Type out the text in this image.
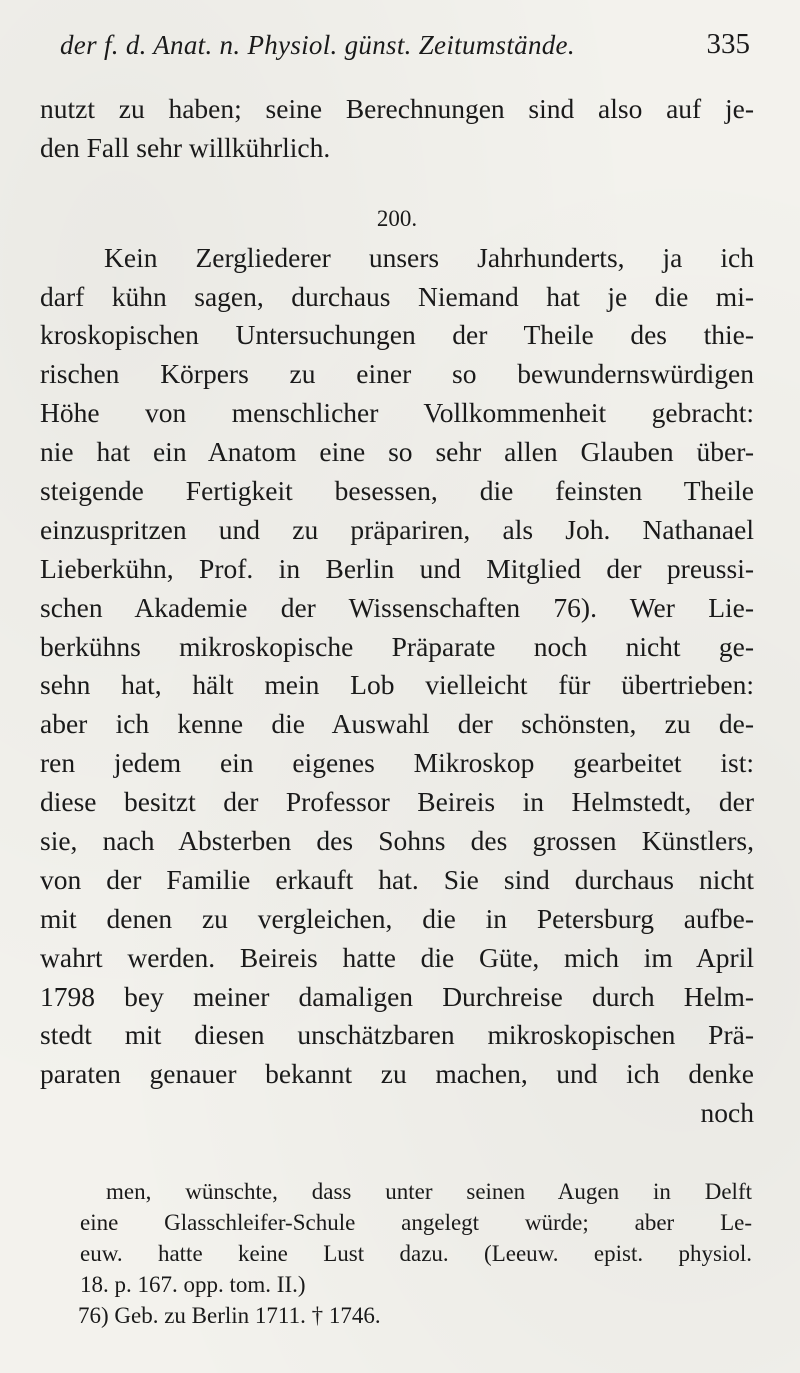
der f. d. Anat. n. Physiol. günst. Zeitumstände.	335
nutzt zu haben; seine Berechnungen sind also auf je-
den Fall sehr willkührlich.
200.
Kein Zergliederer unsers Jahrhunderts, ja ich
darf kühn sagen, durchaus Niemand hat je die mi-
kroskopischen Untersuchungen der Theile des thie-
rischen Körpers zu einer so bewundernswürdigen
Höhe von menschlicher Vollkommenheit gebracht:
nie hat ein Anatom eine so sehr allen Glauben über-
steigende Fertigkeit besessen, die feinsten Theile
einzuspritzen und zu präpariren, als Joh. Nathanael
Lieberkühn, Prof. in Berlin und Mitglied der preussi-
schen Akademie der Wissenschaften 76). Wer Lie-
berkühns mikroskopische Präparate noch nicht ge-
sehn hat, hält mein Lob vielleicht für übertrieben:
aber ich kenne die Auswahl der schönsten, zu de-
ren jedem ein eigenes Mikroskop gearbeitet ist:
diese besitzt der Professor Beireis in Helmstedt, der
sie, nach Absterben des Sohns des grossen Künstlers,
von der Familie erkauft hat. Sie sind durchaus nicht
mit denen zu vergleichen, die in Petersburg aufbe-
wahrt werden. Beireis hatte die Güte, mich im April
1798 bey meiner damaligen Durchreise durch Helm-
stedt mit diesen unschätzbaren mikroskopischen Prä-
paraten genauer bekannt zu machen, und ich denke
noch
men, wünschte, dass unter seinen Augen in Delft
eine Glasschleifer-Schule angelegt würde; aber Le-
euw. hatte keine Lust dazu. (Leeuw. epist. physiol.
18. p. 167. opp. tom. II.)
76) Geb. zu Berlin 1711. † 1746.
